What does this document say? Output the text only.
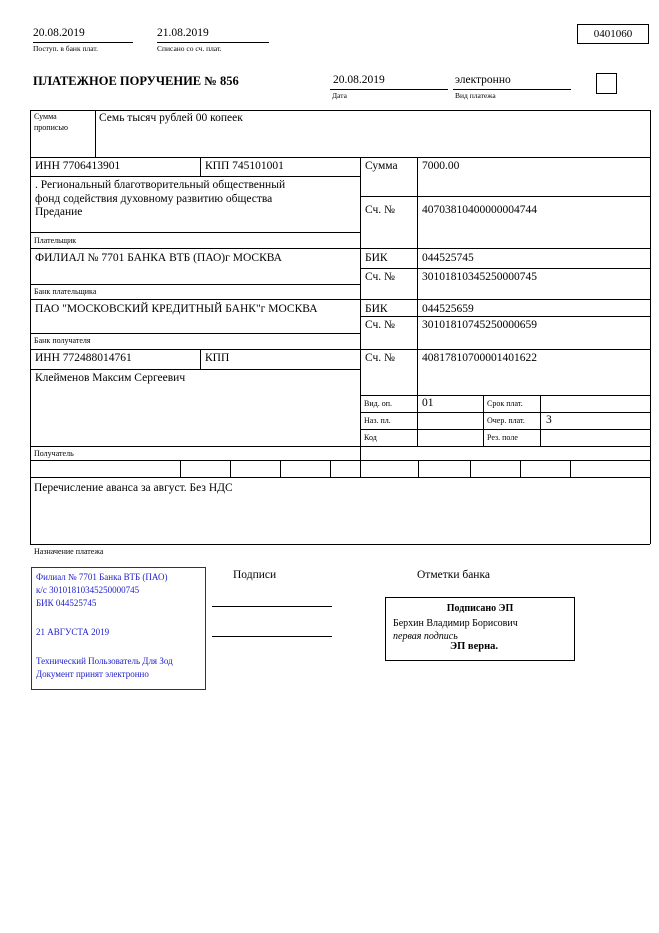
20.08.2019
Поступ. в банк плат.
21.08.2019
Списано со сч. плат.
0401060
ПЛАТЕЖНОЕ ПОРУЧЕНИЕ № 856	20.08.2019
Дата
электронно
Вид платежа
Сумма
прописью
Семь тысяч рублей 00 копеек
ИНН 7706413901	КПП 745101001	Сумма 7000.00
. Региональный благотворительный общественный фонд содействия духовному развитию общества Предание	Сч. № 40703810400000004744
Плательщик
ФИЛИАЛ № 7701 БАНКА ВТБ (ПАО)г МОСКВА	БИК	044525745
Сч. № 30101810345250000745
Банк плательщика
ПАО "МОСКОВСКИЙ КРЕДИТНЫЙ БАНК"г МОСКВА	БИК	044525659
Сч. № 30101810745250000659
Банк получателя
ИНН 772488014761	КПП	Сч. № 40817810700001401622
Клейменов Максим Сергеевич
Вид. оп.	01	Срок плат.
Наз. пл.	Очер. плат. 3
Код	Рез. поле
Получатель
Перечисление аванса за август. Без НДС
Назначение платежа
Филиал № 7701 Банка ВТБ (ПАО)
к/с 30101810345250000745
БИК 044525745
21 АВГУСТА 2019
Технический Пользователь Для Зод
Документ принят электронно
Подписи	Отметки банка
Подписано ЭП
Берхин Владимир Борисович
первая подпись
ЭП верна.
